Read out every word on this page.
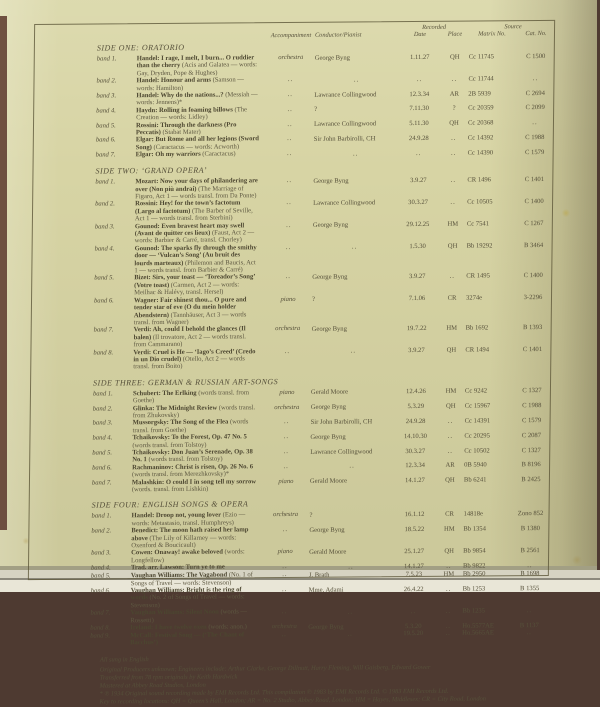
Recorded	Source
Accompaniment Conductor/Pianist	Date	Place	Matrix No.	Cat. No.
SIDE ONE: ORATORIO
band 1.	Handel: I rage, I melt, I burn... O ruddier than the cherry (Acis and Galatea — words: Gay, Dryden, Pope & Hughes)
orchestra	George Byng	1.11.27	QH	Cc 11745	C 1500
band 2.	Handel: Honour and arms (Samson — words: Hamilton)
..	..	..	..	Cc 11744	..
band 3.	Handel: Why do the nations...? (Messiah — words: Jennens)*
..	Lawrance Collingwood	12.3.34	AR	2B 5939	C 2694
band 4.	Haydn: Rolling in foaming billows (The Creation — words: Lidley)
..	?	7.11.30	?	Cc 20359	C 2099
band 5.	Rossini: Through the darkness (Pro Peccatis) (Stabat Mater)
..	Lawrance Collingwood	5.11.30	QH	Cc 20368	..
band 6.	Elgar: But Rome and all her legions (Sword Song) (Caractacus — words: Acworth)
..	Sir John Barbirolli, CH	24.9.28	..	Cc 14392	C 1988
band 7.	Elgar: Oh my warriors (Caractacus)	..	..	..	..	Cc 14390	C 1579
SIDE TWO: ‘GRAND OPERA’
band 1.	Mozart: Now your days of philandering are over (Non più andrai) (The Marriage of Figaro, Act 1 — words transl. from Da Ponte)
..	George Byng	3.9.27	..	CR 1496	C 1401
band 2.	Rossini: Hey! for the town’s factotum (Largo al factotum) (The Barber of Seville, Act 1 — words transl. from Sterbini)
..	Lawrance Collingwood	30.3.27	..	Cc 10505	C 1400
band 3.	Gounod: Even bravest heart may swell (Avant de quitter ces lieux) (Faust, Act 2 — words: Barbier & Carré, transl. Chorley)
..	George Byng	29.12.25	HM	Cc 7541	C 1267
band 4.	Gounod: The sparks fly through the smithy door — ‘Vulcan’s Song’ (Au bruit des lourds marteaux) (Philemon and Baucis, Act 1 — words transl. from Barbier & Carré)
..	..	1.5.30	QH	Bb 19292	B 3464
band 5.	Bizet: Sirs, your toast — ‘Toreador’s Song’ (Votre toast) (Carmen, Act 2 — words: Meilhac & Halévy, transl. Hersel)
..	George Byng	3.9.27	..	CR 1495	C 1400
band 6.	Wagner: Fair shinest thou... O pure and tender star of eve (O du mein holder Abendstern) (Tannhäuser, Act 3 — words transl. from Wagner)
piano	?	7.1.06	CR	3274e	3-2296
band 7.	Verdi: Ah, could I behold the glances (Il balen) (Il trovatore, Act 2 — words transl. from Cammarano)
orchestra	George Byng	19.7.22	HM	Bb 1692	B 1393
band 8.	Verdi: Cruel is He — ‘Iago’s Creed’ (Credo in un Dio crudel) (Otello, Act 2 — words transl. from Boito)
..	..	3.9.27	QH	CR 1494	C 1401
SIDE THREE: GERMAN & RUSSIAN ART-SONGS
band 1.	Schubert: The Erlking (words transl. from Goethe)
piano	Gerald Moore	12.4.26	HM	Cc 9242	C 1327
band 2.	Glinka: The Midnight Review (words transl. from Zhukovsky)
orchestra	George Byng	5.3.29	QH	Cc 15967	C 1988
band 3.	Mussorgsky: The Song of the Flea (words transl. from Goethe)
..	Sir John Barbirolli, CH	24.9.28	..	Cc 14391	C 1579
band 4.	Tchaikovsky: To the Forest, Op. 47 No. 5 (words transl. from Tolstoy)
..	George Byng	14.10.30	..	Cc 20295	C 2087
band 5.	Tchaikovsky: Don Juan’s Serenade, Op. 38 No. 1 (words transl. from Tolstoy)
..	Lawrance Collingwood	30.3.27	..	Cc 10502	C 1327
band 6.	Rachmaninov: Christ is risen, Op. 26 No. 6 (words transl. from Merezhkovsky)*
..	..	12.3.34	AR	0B 5940	B 8196
band 7.	Malashkin: O could I in song tell my sorrow (words. transl. from Lishkin)
piano	Gerald Moore	14.1.27	QH	Bb 6241	B 2425
SIDE FOUR: ENGLISH SONGS & OPERA
band 1.	Handel: Droop not, young lover (Ezio — words: Metastasio, transl. Humphreys)
orchestra	?	16.1.12	CR	14818e	Zono 852
band 2.	Benedict: The moon hath raised her lamp above (The Lily of Killarney — words: Oxenford & Boucicault)
..	George Byng	18.5.22	HM	Bb 1354	B 1380
band 3.	Cowen: Onaway! awake beloved (words: Longfellow)
piano	Gerald Moore	25.1.27	QH	Bb 9854	B 2561
band 4.	Trad. arr. Lawson: Turn ye to me	..	..	14.1.27	..	Bb 9822	..
band 5.	Vaughan Williams: The Vagabond (No. 1 of Songs of Travel — words: Stevenson)
..	J. Brath	7.5.23	HM	Bb 2950	B 1698
band 6.	Vaughan Williams: Bright is the ring of words (No. 2 of Songs of Travel — words: Stevenson)
..	Mme. Adami	26.4.22	..	Bb 1253	B 1355
band 7.	Vaughan Williams: Silent Noon (words — Rossetti)
..	..	..	..	Bb 1235	..
band 8.	Ireland: I have twelve oxen (words: anon.)	orchestra	George Byng	5.3.20	..	Ho.5577AE	B 1137
band 9.	McCall: Festival Song — (‘The Chant of Bacchus’)
..	..	19.5.20	..	Ho.5665AE	..
All sung in English
Original Producers unknown; Engineers include: Arthur Clarke, George Dillnutt, Harry Fleming, Will Gaisberg, Edward Gower
Transferred from 78 rpm originals by Keith Hardwick
Mastered at Abbey Road Studios, London
* ℗ 1934 Original sound recording made by EMI Records Ltd. This compilation ℗ 1983 by EMI Records Ltd. © 1983 EMI Records Ltd.
Key to recording locations: QH = Queen’s Hall, London; AR = No. 2 Studio, Abbey Road, London; HM = Hayes, Middlesex; CR = City Road, London
